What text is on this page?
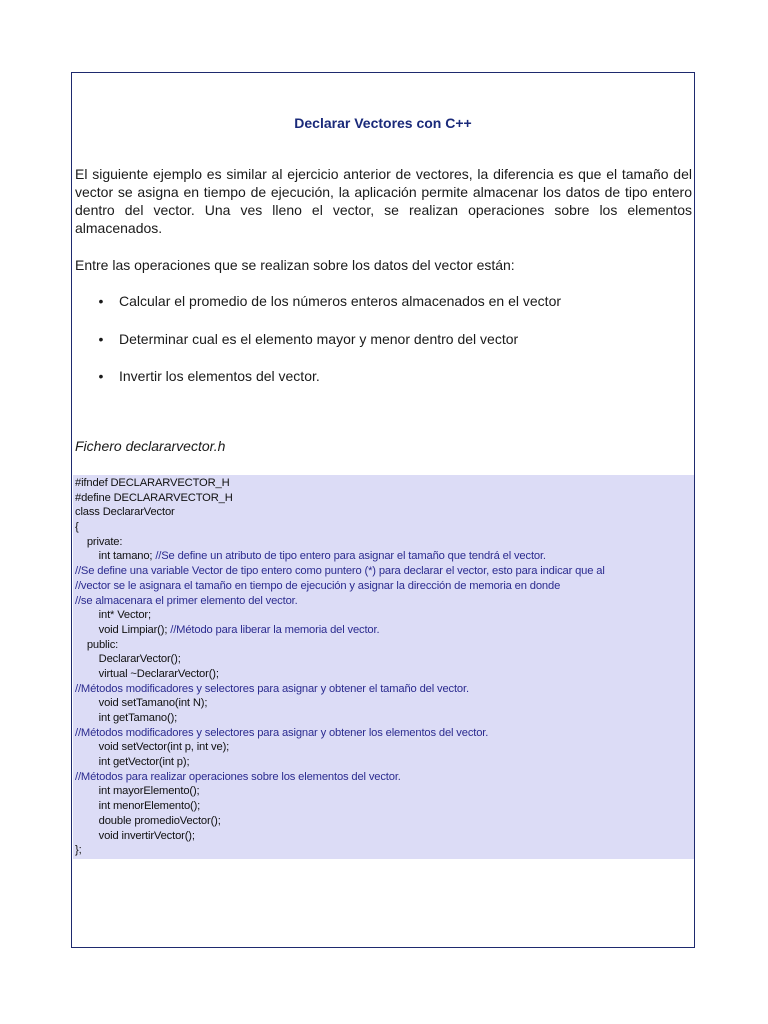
Declarar Vectores con C++

El siguiente ejemplo es similar al ejercicio anterior de vectores, la diferencia es que el tamaño del vector se asigna en tiempo de ejecución, la aplicación permite almacenar los datos de tipo entero dentro del vector. Una ves lleno el vector, se realizan operaciones sobre los elementos almacenados.

Entre las operaciones que se realizan sobre los datos del vector están:

• Calcular el promedio de los números enteros almacenados en el vector
• Determinar cual es el elemento mayor y menor dentro del vector
• Invertir los elementos del vector.

Fichero declararvector.h

#ifndef DECLARARVECTOR_H
#define DECLARARVECTOR_H
class DeclararVector
{
private:
int tamano; //Se define un atributo de tipo entero para asignar el tamaño que tendrá el vector.
//Se define una variable Vector de tipo entero como puntero (*) para declarar el vector, esto para indicar que al
//vector se le asignara el tamaño en tiempo de ejecución y asignar la dirección de memoria en donde
//se almacenara el primer elemento del vector.
int* Vector;
void Limpiar(); //Método para liberar la memoria del vector.
public:
DeclararVector();
virtual ~DeclararVector();
//Métodos modificadores y selectores para asignar y obtener el tamaño del vector.
void setTamano(int N);
int getTamano();
//Métodos modificadores y selectores para asignar y obtener los elementos del vector.
void setVector(int p, int ve);
int getVector(int p);
//Métodos para realizar operaciones sobre los elementos del vector.
int mayorElemento();
int menorElemento();
double promedioVector();
void invertirVector();
};
